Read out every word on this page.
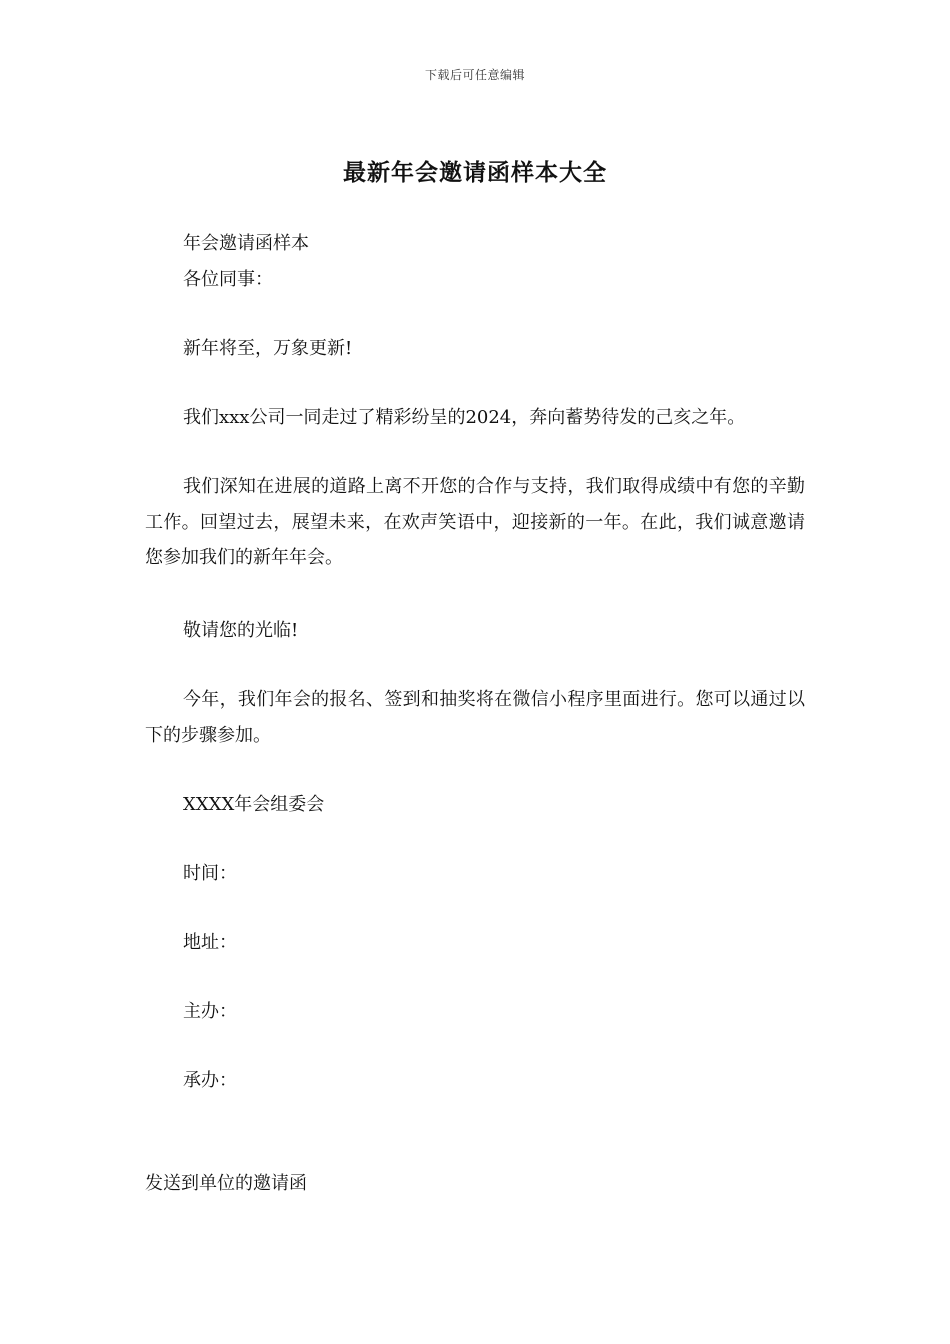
下载后可任意编辑
最新年会邀请函样本大全
年会邀请函样本
各位同事：
新年将至，万象更新!
我们xxx公司一同走过了精彩纷呈的2024，奔向蓄势待发的己亥之年。
我们深知在进展的道路上离不开您的合作与支持，我们取得成绩中有您的辛勤工作。回望过去，展望未来，在欢声笑语中，迎接新的一年。在此，我们诚意邀请您参加我们的新年年会。
敬请您的光临!
今年，我们年会的报名、签到和抽奖将在微信小程序里面进行。您可以通过以下的步骤参加。
XXXX年会组委会
时间：
地址：
主办：
承办：
发送到单位的邀请函
